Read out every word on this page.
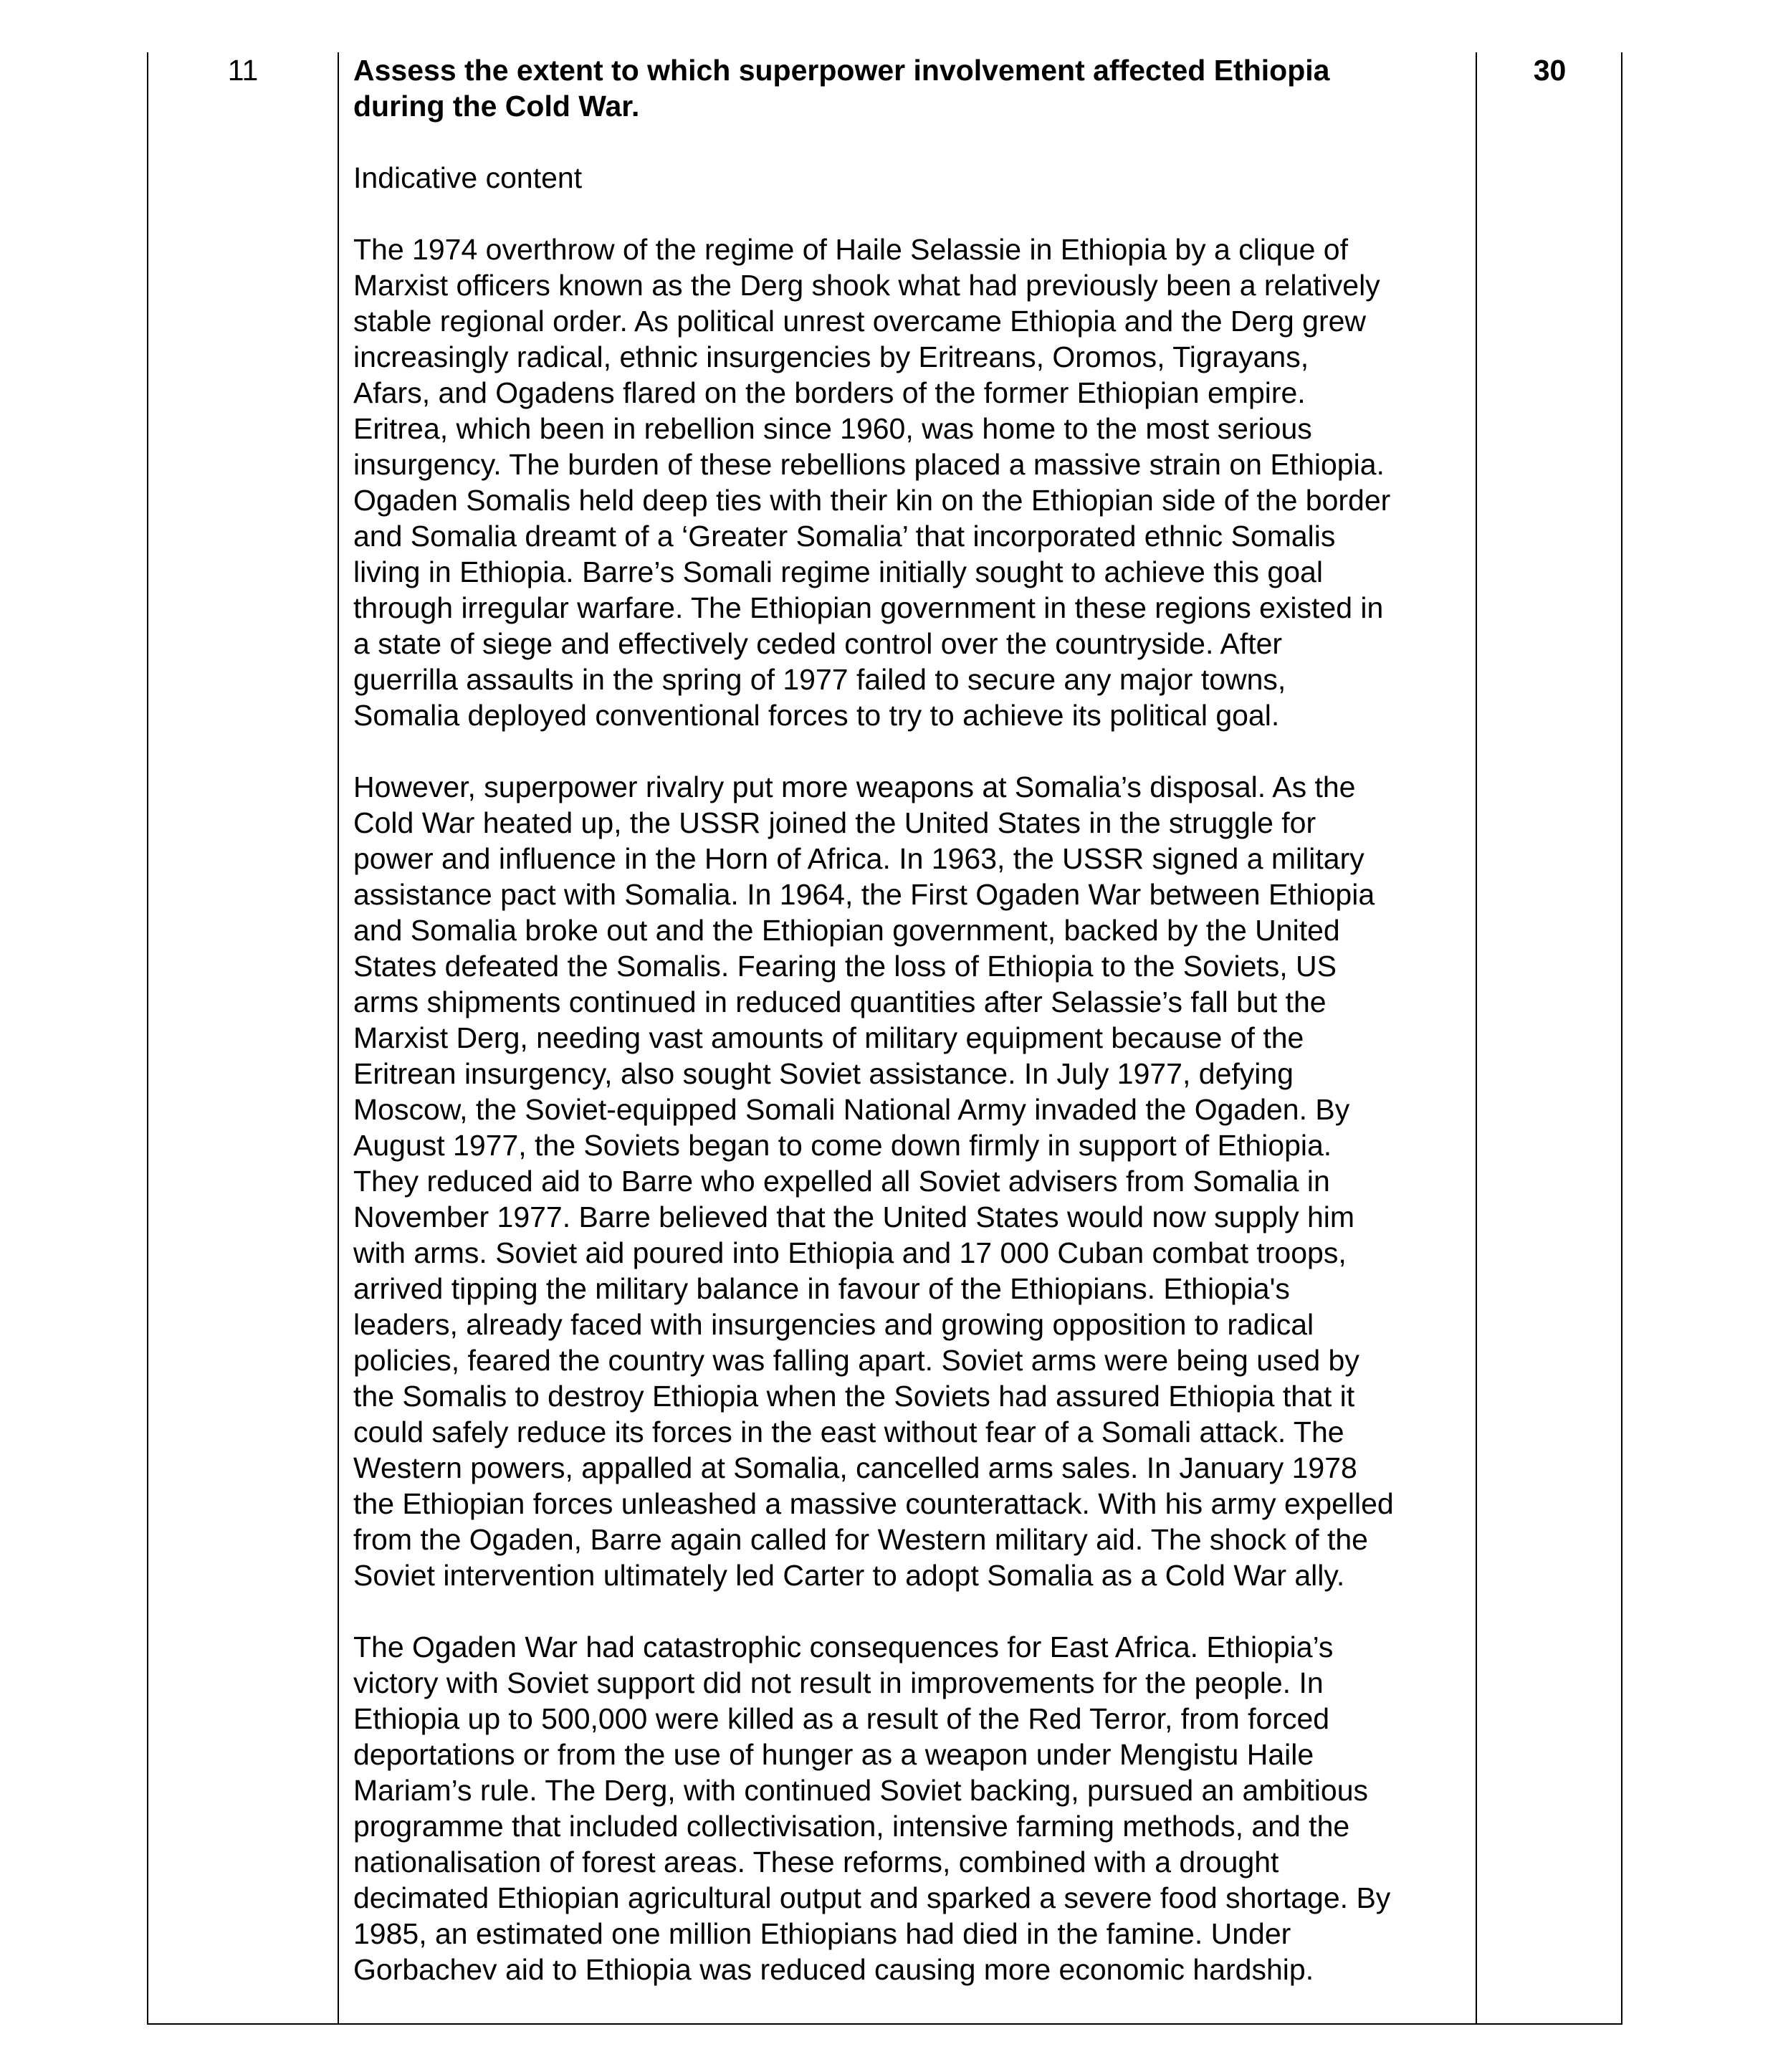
11	Assess the extent to which superpower involvement affected Ethiopia
during the Cold War.

Indicative content

The 1974 overthrow of the regime of Haile Selassie in Ethiopia by a clique of
Marxist officers known as the Derg shook what had previously been a relatively
stable regional order. As political unrest overcame Ethiopia and the Derg grew
increasingly radical, ethnic insurgencies by Eritreans, Oromos, Tigrayans,
Afars, and Ogadens flared on the borders of the former Ethiopian empire.
Eritrea, which been in rebellion since 1960, was home to the most serious
insurgency. The burden of these rebellions placed a massive strain on Ethiopia.
Ogaden Somalis held deep ties with their kin on the Ethiopian side of the border
and Somalia dreamt of a ‘Greater Somalia’ that incorporated ethnic Somalis
living in Ethiopia. Barre’s Somali regime initially sought to achieve this goal
through irregular warfare. The Ethiopian government in these regions existed in
a state of siege and effectively ceded control over the countryside. After
guerrilla assaults in the spring of 1977 failed to secure any major towns,
Somalia deployed conventional forces to try to achieve its political goal.

However, superpower rivalry put more weapons at Somalia’s disposal. As the
Cold War heated up, the USSR joined the United States in the struggle for
power and influence in the Horn of Africa. In 1963, the USSR signed a military
assistance pact with Somalia. In 1964, the First Ogaden War between Ethiopia
and Somalia broke out and the Ethiopian government, backed by the United
States defeated the Somalis. Fearing the loss of Ethiopia to the Soviets, US
arms shipments continued in reduced quantities after Selassie’s fall but the
Marxist Derg, needing vast amounts of military equipment because of the
Eritrean insurgency, also sought Soviet assistance. In July 1977, defying
Moscow, the Soviet-equipped Somali National Army invaded the Ogaden. By
August 1977, the Soviets began to come down firmly in support of Ethiopia.
They reduced aid to Barre who expelled all Soviet advisers from Somalia in
November 1977. Barre believed that the United States would now supply him
with arms. Soviet aid poured into Ethiopia and 17 000 Cuban combat troops,
arrived tipping the military balance in favour of the Ethiopians. Ethiopia's
leaders, already faced with insurgencies and growing opposition to radical
policies, feared the country was falling apart. Soviet arms were being used by
the Somalis to destroy Ethiopia when the Soviets had assured Ethiopia that it
could safely reduce its forces in the east without fear of a Somali attack. The
Western powers, appalled at Somalia, cancelled arms sales. In January 1978
the Ethiopian forces unleashed a massive counterattack. With his army expelled
from the Ogaden, Barre again called for Western military aid. The shock of the
Soviet intervention ultimately led Carter to adopt Somalia as a Cold War ally.

The Ogaden War had catastrophic consequences for East Africa. Ethiopia’s
victory with Soviet support did not result in improvements for the people. In
Ethiopia up to 500,000 were killed as a result of the Red Terror, from forced
deportations or from the use of hunger as a weapon under Mengistu Haile
Mariam’s rule. The Derg, with continued Soviet backing, pursued an ambitious
programme that included collectivisation, intensive farming methods, and the
nationalisation of forest areas. These reforms, combined with a drought
decimated Ethiopian agricultural output and sparked a severe food shortage. By
1985, an estimated one million Ethiopians had died in the famine. Under
Gorbachev aid to Ethiopia was reduced causing more economic hardship.

30
